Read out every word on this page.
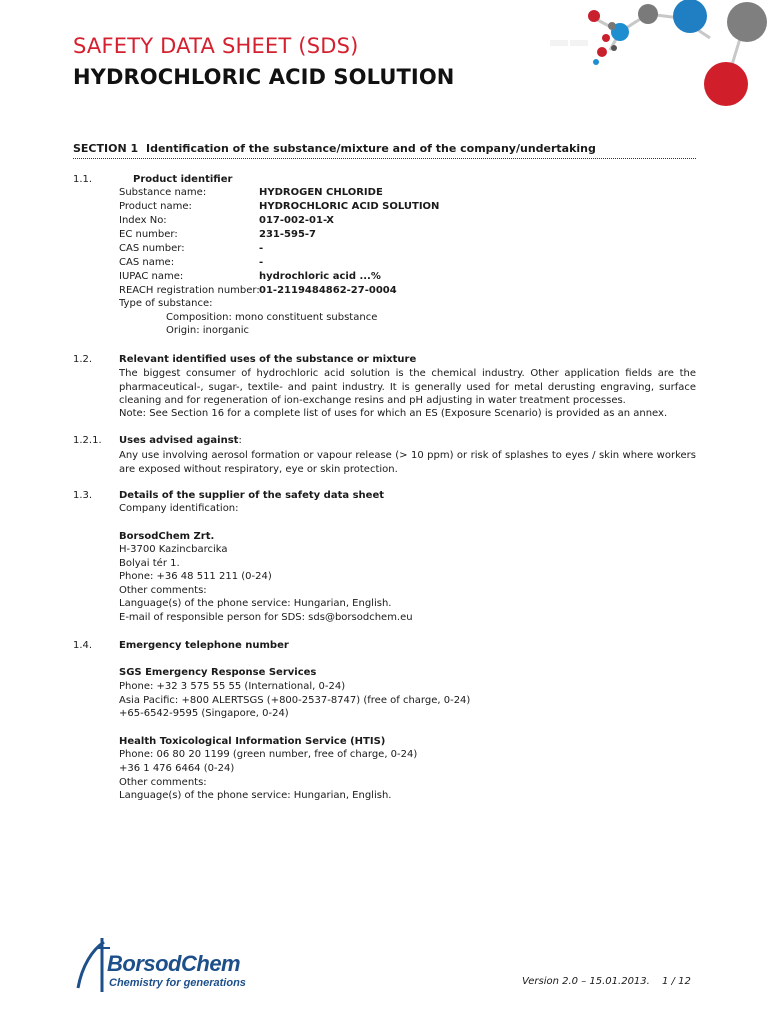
SAFETY DATA SHEET (SDS)
HYDROCHLORIC ACID SOLUTION
SECTION 1 Identification of the substance/mixture and of the company/undertaking
1.1.	Product identifier
Substance name:	HYDROGEN CHLORIDE
Product name:	HYDROCHLORIC ACID SOLUTION
Index No:	017-002-01-X
EC number:	231-595-7
CAS number:	-
CAS name:	-
IUPAC name:	hydrochloric acid ...%
REACH registration number:01-2119484862-27-0004
Type of substance:
Composition: mono constituent substance
Origin: inorganic
1.2.	Relevant identified uses of the substance or mixture
The biggest consumer of hydrochloric acid solution is the chemical industry. Other application fields are the pharmaceutical-, sugar-, textile- and paint industry. It is generally used for metal derusting engraving, surface cleaning and for regeneration of ion-exchange resins and pH adjusting in water treatment processes.
Note: See Section 16 for a complete list of uses for which an ES (Exposure Scenario) is provided as an annex.
1.2.1. Uses advised against:
Any use involving aerosol formation or vapour release (> 10 ppm) or risk of splashes to eyes / skin where workers are exposed without respiratory, eye or skin protection.
1.3.	Details of the supplier of the safety data sheet
Company identification:
BorsodChem Zrt.
H-3700 Kazincbarcika
Bolyai tér 1.
Phone: +36 48 511 211 (0-24)
Other comments:
Language(s) of the phone service: Hungarian, English.
E-mail of responsible person for SDS: sds@borsodchem.eu
1.4.	Emergency telephone number
SGS Emergency Response Services
Phone: +32 3 575 55 55 (International, 0-24)
Asia Pacific: +800 ALERTSGS (+800-2537-8747) (free of charge, 0-24)
+65-6542-9595 (Singapore, 0-24)
Health Toxicological Information Service (HTIS)
Phone: 06 80 20 1199 (green number, free of charge, 0-24)
+36 1 476 6464 (0-24)
Other comments:
Language(s) of the phone service: Hungarian, English.
BorsodChem
Chemistry for generations	Version 2.0 – 15.01.2013. 1 / 12
